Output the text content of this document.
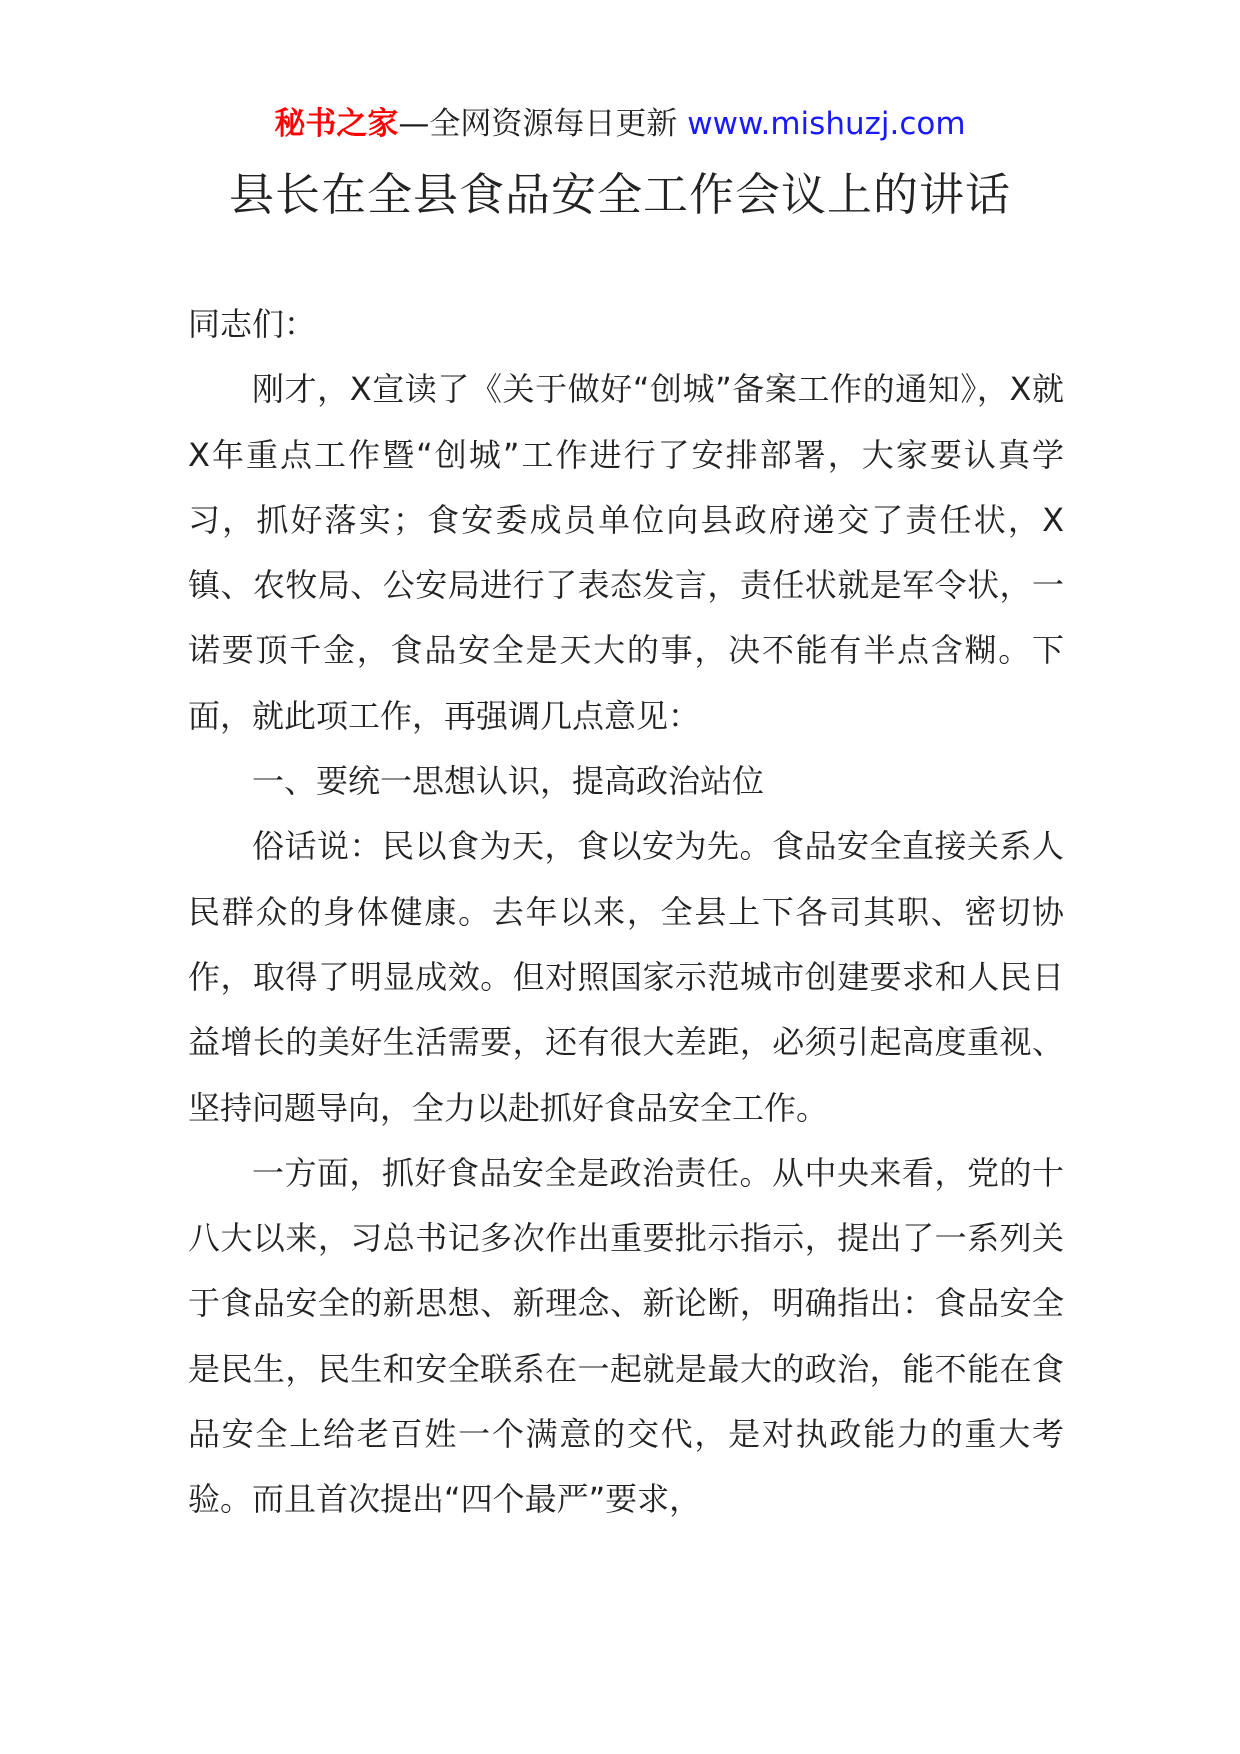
秘书之家—全网资源每日更新 www.mishuzj.com
县长在全县食品安全工作会议上的讲话

同志们：

刚才，X宣读了《关于做好“创城”备案工作的通知》，X就X年重点工作暨“创城”工作进行了安排部署，大家要认真学习，抓好落实；食安委成员单位向县政府递交了责任状，X镇、农牧局、公安局进行了表态发言，责任状就是军令状，一诺要顶千金，食品安全是天大的事，决不能有半点含糊。下面，就此项工作，再强调几点意见：

一、要统一思想认识，提高政治站位

俗话说：民以食为天，食以安为先。食品安全直接关系人民群众的身体健康。去年以来，全县上下各司其职、密切协作，取得了明显成效。但对照国家示范城市创建要求和人民日益增长的美好生活需要，还有很大差距，必须引起高度重视、坚持问题导向，全力以赴抓好食品安全工作。

一方面，抓好食品安全是政治责任。从中央来看，党的十八大以来，习总书记多次作出重要批示指示，提出了一系列关于食品安全的新思想、新理念、新论断，明确指出：食品安全是民生，民生和安全联系在一起就是最大的政治，能不能在食品安全上给老百姓一个满意的交代，是对执政能力的重大考验。而且首次提出“四个最严”要求，
